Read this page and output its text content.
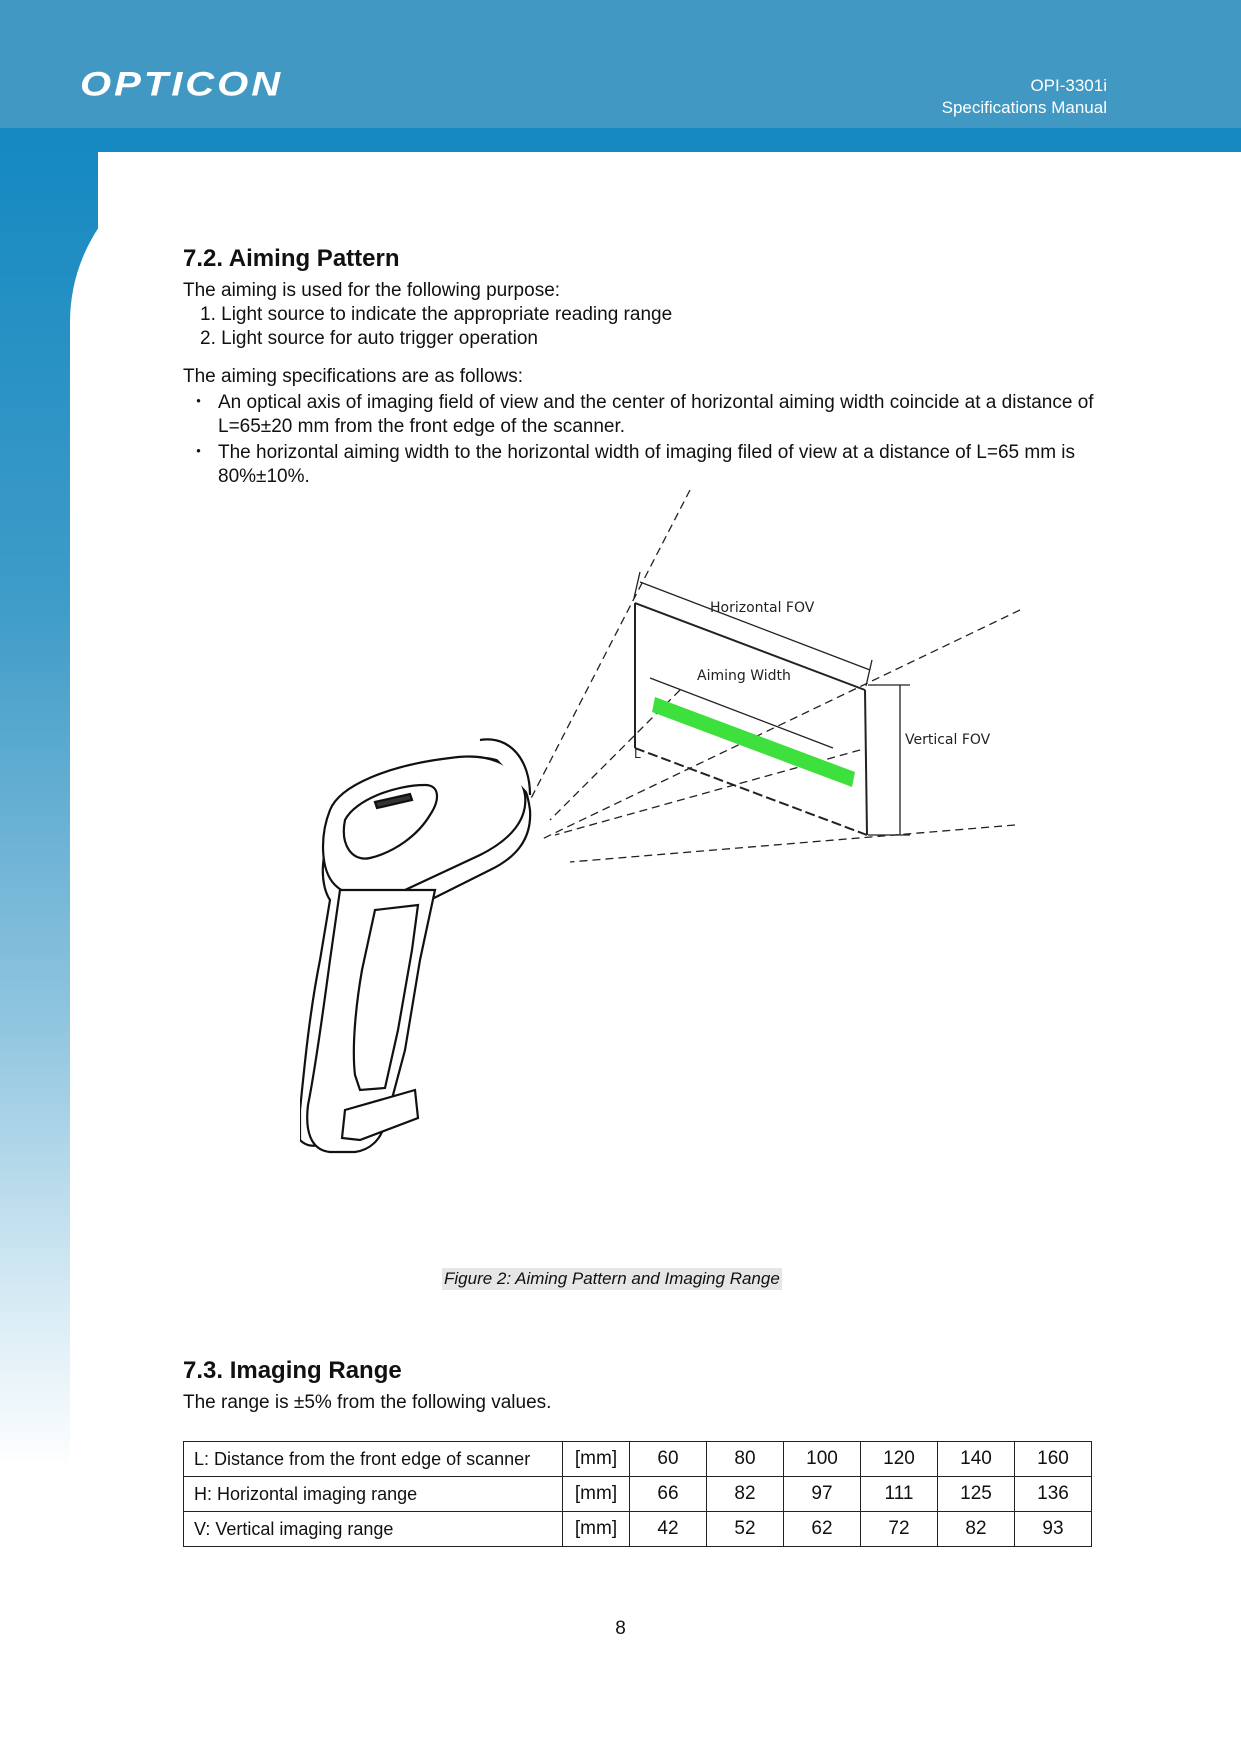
OPTICON	OPI-3301i
Specifications Manual
7.2. Aiming Pattern

The aiming is used for the following purpose:

1. Light source to indicate the appropriate reading range
2. Light source for auto trigger operation

The aiming specifications are as follows:

・ An optical axis of imaging field of view and the center of horizontal aiming width coincide at a distance of L=65±20 mm from the front edge of the scanner.
・ The horizontal aiming width to the horizontal width of imaging filed of view at a distance of L=65 mm is 80%±10%.
Horizontal FOV
Aiming Width
Vertical FOV
L
Figure 2: Aiming Pattern and Imaging Range
7.3. Imaging Range

The range is ±5% from the following values.

L: Distance from the front edge of scanner	[mm]	60	80	100	120	140	160
H: Horizontal imaging range	[mm]	66	82	97	111	125	136
V: Vertical imaging range	[mm]	42	52	62	72	82	93
8
